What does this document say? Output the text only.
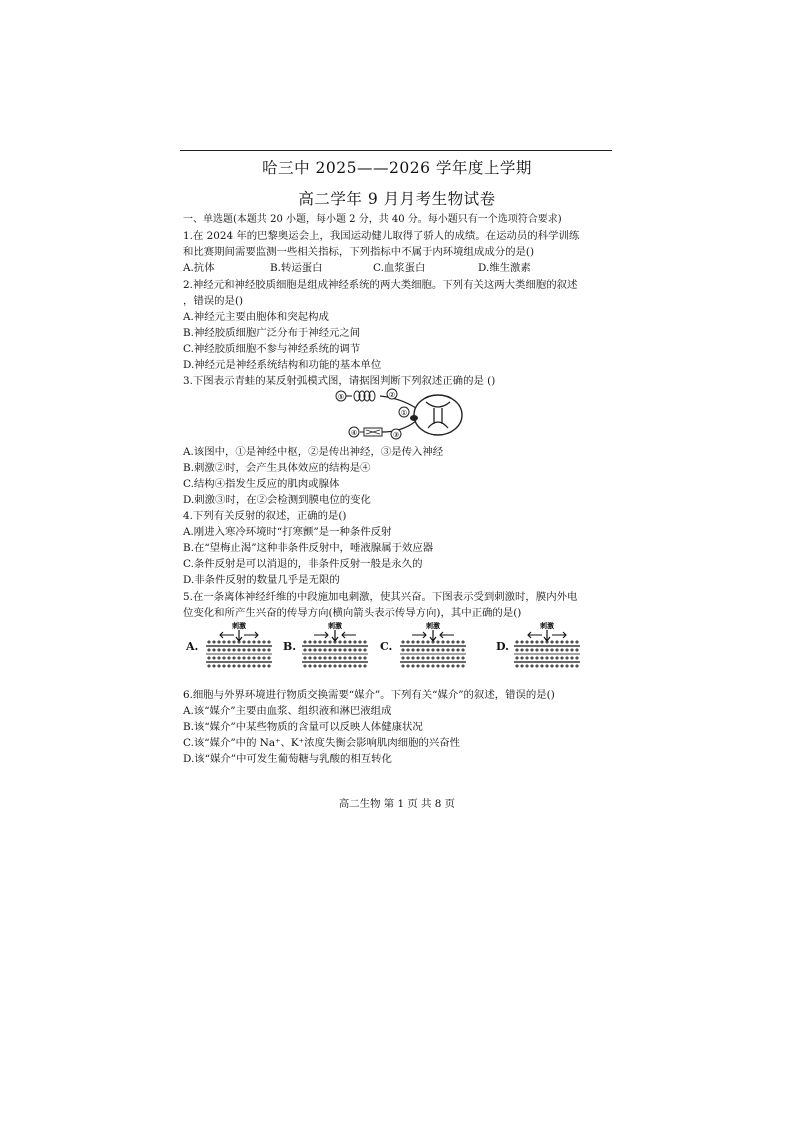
哈三中 2025——2026 学年度上学期
高二学年 9 月月考生物试卷
一、单选题(本题共 20 小题，每小题 2 分，共 40 分。每小题只有一个选项符合要求)
1.在 2024 年的巴黎奥运会上，我国运动健儿取得了骄人的成绩。在运动员的科学训练
和比赛期间需要监测一些相关指标，下列指标中不属于内环境组成成分的是()
A.抗体	B.转运蛋白	C.血浆蛋白	D.维生激素
2.神经元和神经胶质细胞是组成神经系统的两大类细胞。下列有关这两大类细胞的叙述
，错误的是()
A.神经元主要由胞体和突起构成
B.神经胶质细胞广泛分布于神经元之间
C.神经胶质细胞不参与神经系统的调节
D.神经元是神经系统结构和功能的基本单位
3.下图表示青蛙的某反射弧模式图，请据图判断下列叙述正确的是 ()
⑤	②
①
④	③
A.该图中，①是神经中枢，②是传出神经，③是传入神经
B.刺激②时，会产生具体效应的结构是④
C.结构④指发生反应的肌肉或腺体
D.刺激③时，在②会检测到膜电位的变化
4.下列有关反射的叙述，正确的是()
A.刚进入寒冷环境时“打寒颤”是一种条件反射
B.在“望梅止渴”这种非条件反射中，唾液腺属于效应器
C.条件反射是可以消退的，非条件反射一般是永久的
D.非条件反射的数量几乎是无限的
5.在一条离体神经纤维的中段施加电刺激，使其兴奋。下图表示受到刺激时，膜内外电
位变化和所产生兴奋的传导方向(横向箭头表示传导方向)，其中正确的是()
A.	B.	C.	D.
刺激	刺激	刺激	刺激
6.细胞与外界环境进行物质交换需要“媒介”。下列有关“媒介”的叙述，错误的是()
A.该“媒介”主要由血浆、组织液和淋巴液组成
B.该“媒介”中某些物质的含量可以反映人体健康状况
C.该“媒介”中的 Na⁺、K⁺浓度失衡会影响肌肉细胞的兴奋性
D.该“媒介”中可发生葡萄糖与乳酸的相互转化
高二生物 第 1 页 共 8 页
